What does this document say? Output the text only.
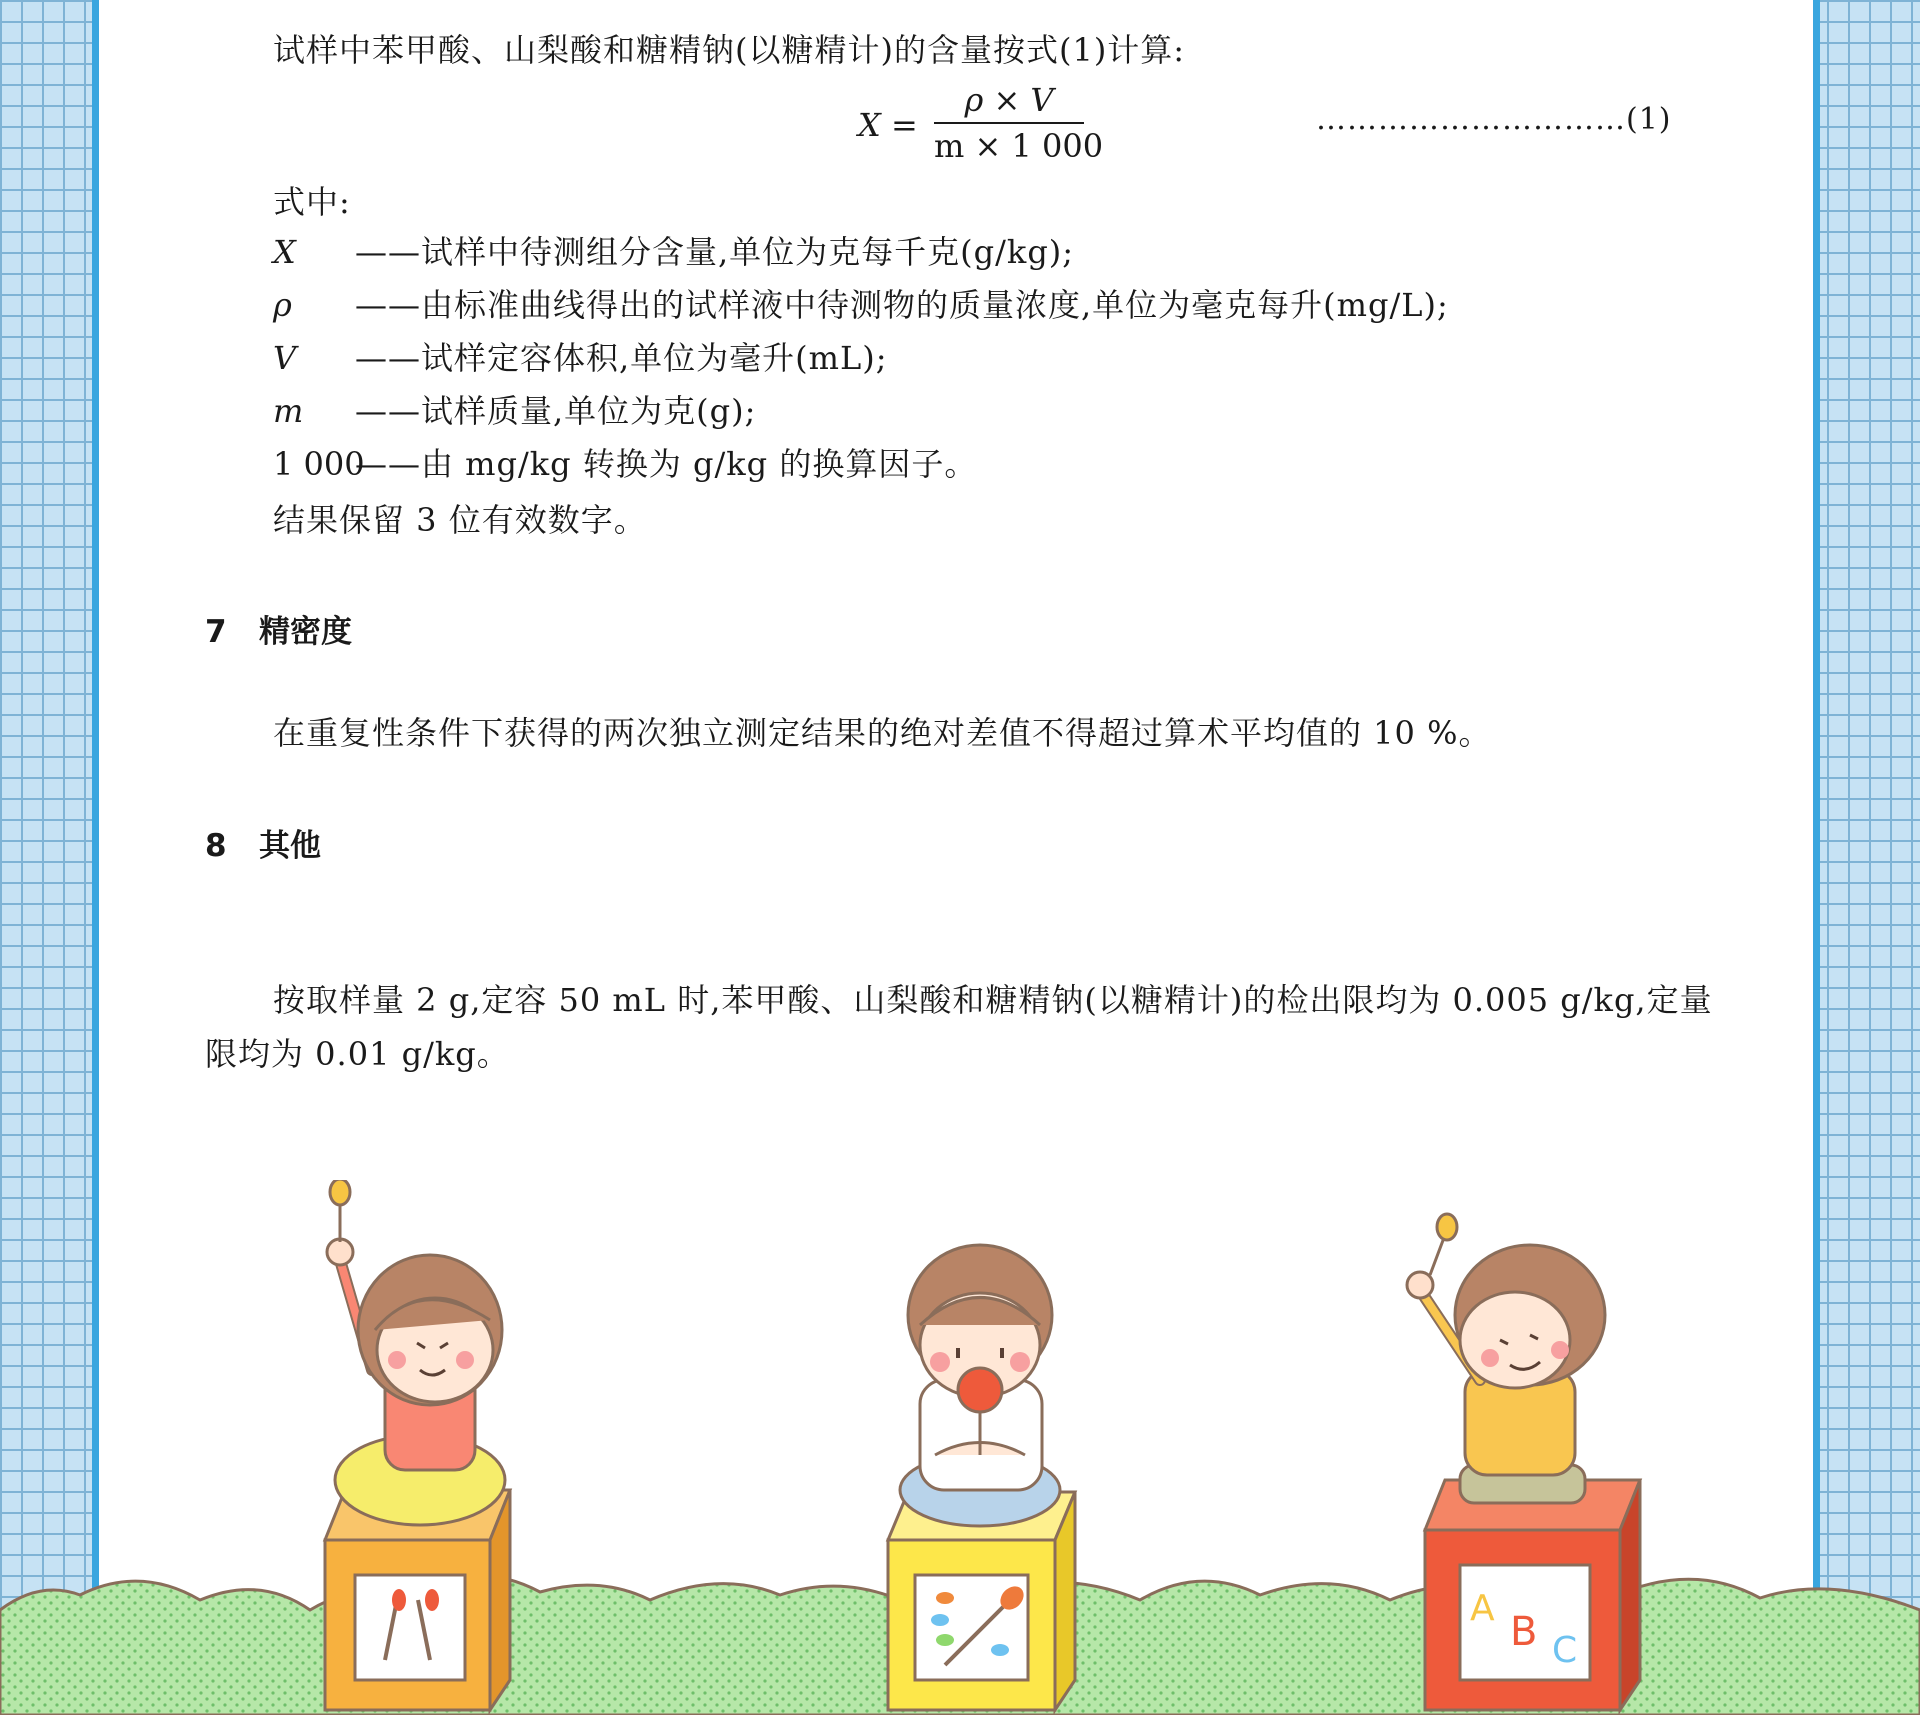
试样中苯甲酸、山梨酸和糖精钠(以糖精计)的含量按式(1)计算:
X =
ρ × V
m × 1 000
…………………………(1)
式中:
X ——试样中待测组分含量,单位为克每千克(g/kg);
ρ ——由标准曲线得出的试样液中待测物的质量浓度,单位为毫克每升(mg/L);
V ——试样定容体积,单位为毫升(mL);
m ——试样质量,单位为克(g);
1 000
——由 mg/kg 转换为 g/kg 的换算因子。
结果保留 3 位有效数字。
7 精密度
在重复性条件下获得的两次独立测定结果的绝对差值不得超过算术平均值的 10 %。
8 其他
按取样量 2 g,定容 50 mL 时,苯甲酸、山梨酸和糖精钠(以糖精计)的检出限均为 0.005 g/kg,定量
限均为 0.01 g/kg。
A
B C
